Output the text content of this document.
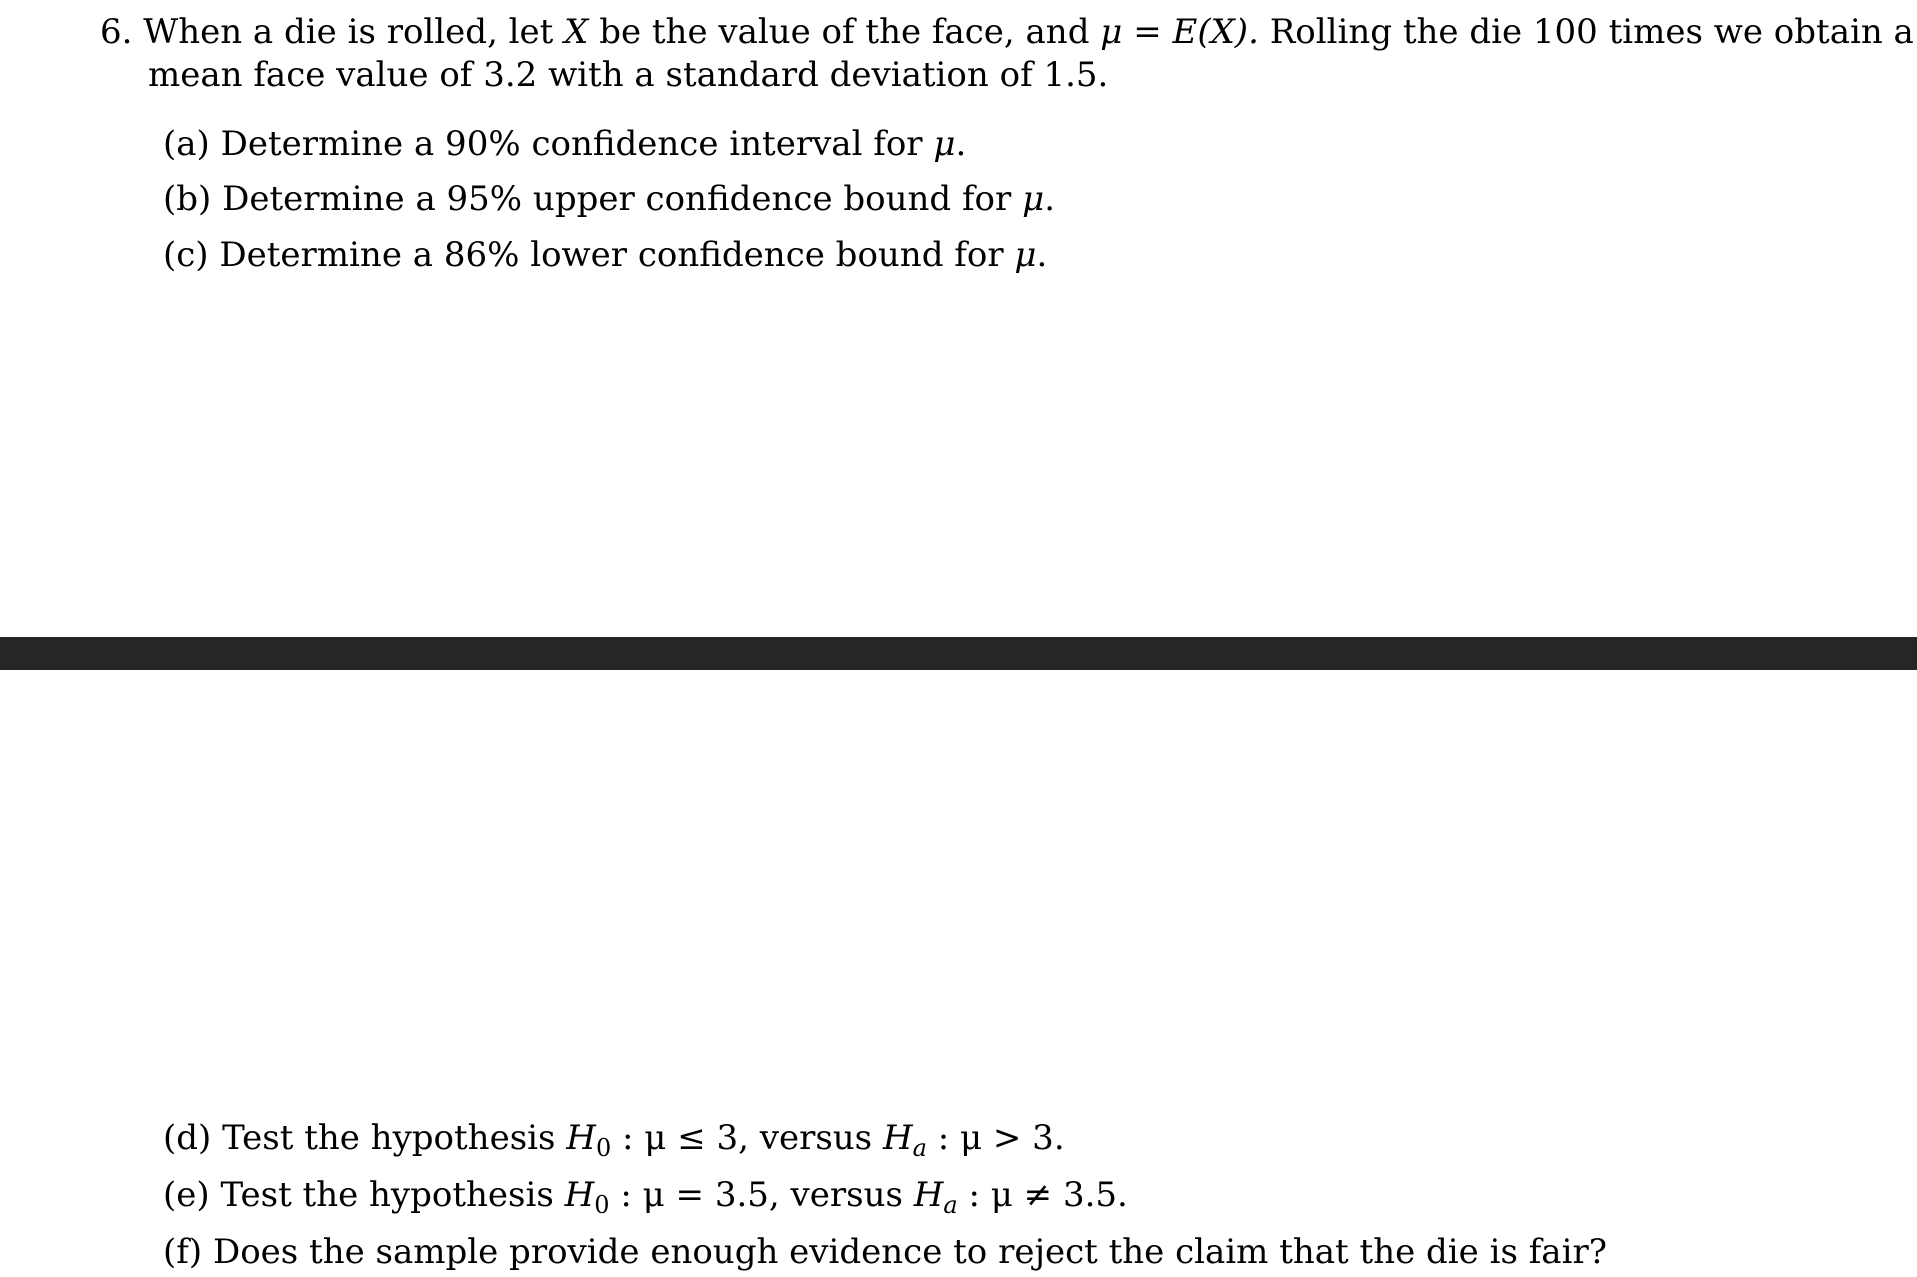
6. When a die is rolled, let X be the value of the face, and μ = E(X). Rolling the die 100 times we obtain a
mean face value of 3.2 with a standard deviation of 1.5.
(a) Determine a 90% confidence interval for μ.
(b) Determine a 95% upper confidence bound for μ.
(c) Determine a 86% lower confidence bound for μ.
(d) Test the hypothesis $H_0$ : μ ≤ 3, versus $H_a$ : μ > 3.
(e) Test the hypothesis $H_0$ : μ = 3.5, versus $H_a$ : μ ≠ 3.5.
(f) Does the sample provide enough evidence to reject the claim that the die is fair?
